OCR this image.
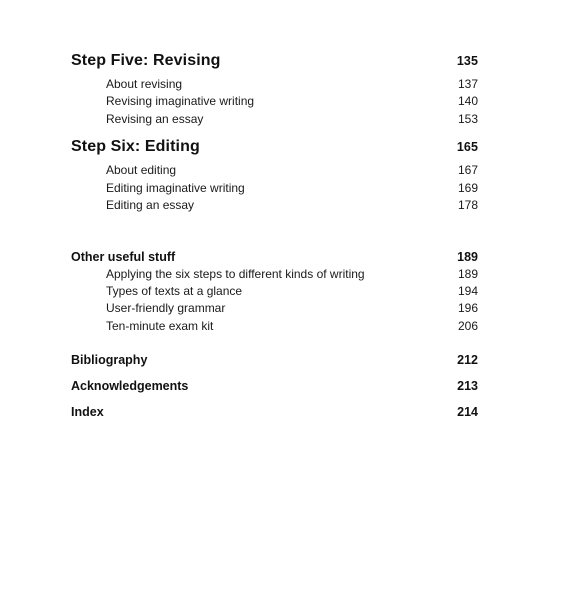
Step Five: Revising	135
About revising	137
Revising imaginative writing	140
Revising an essay	153
Step Six: Editing	165
About editing	167
Editing imaginative writing	169
Editing an essay	178
Other useful stuff	189
Applying the six steps to different kinds of writing	189
Types of texts at a glance	194
User-friendly grammar	196
Ten-minute exam kit	206
Bibliography	212
Acknowledgements	213
Index	214
